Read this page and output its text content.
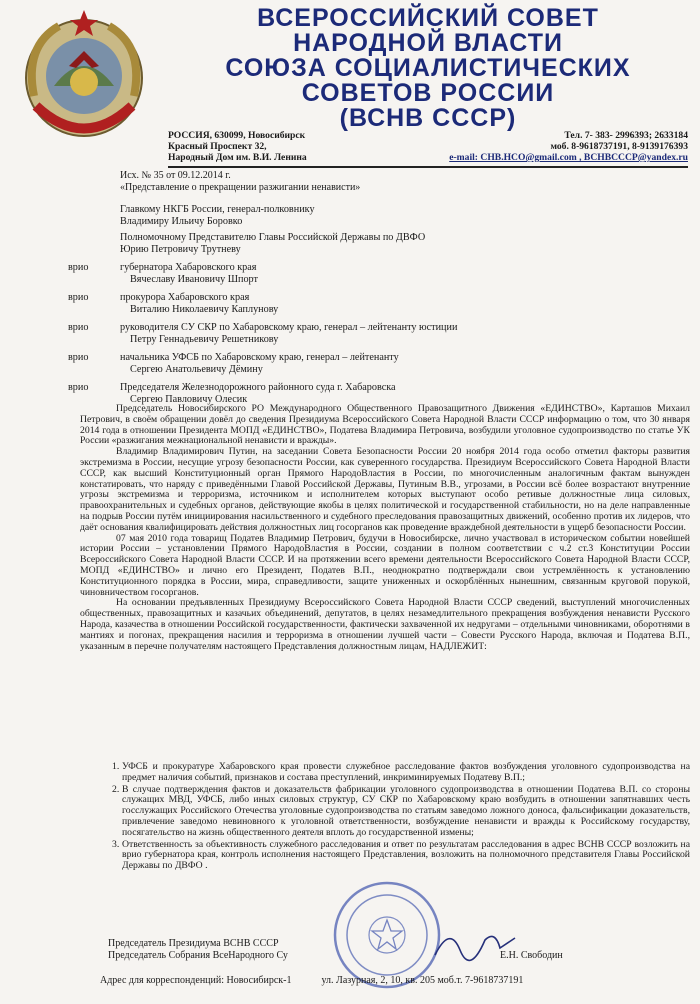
ВСЕРОССИЙСКИЙ СОВЕТ
НАРОДНОЙ ВЛАСТИ
СОЮЗА СОЦИАЛИСТИЧЕСКИХ
СОВЕТОВ РОССИИ
(ВСНВ СССР)
РОССИЯ, 630099, Новосибирск
Красный Проспект 32,
Народный Дом им. В.И. Ленина
Тел. 7- 383- 2996393; 2633184
моб. 8-9618737191, 8-9139176393
e-mail: CHB.HCO@gmail.com , BCHBCCCP@yandex.ru
Исх. № 35 от 09.12.2014 г.
«Представление о прекращении разжигании ненависти»
Главкому НКГБ России, генерал-полковнику
Владимиру Ильичу Боровко
Полномочному Представителю Главы Российской Державы по ДВФО
Юрию Петровичу Трутневу
врио	губернатора Хабаровского края
Вячеславу Ивановичу Шпорт
врио	прокурора Хабаровского края
Виталию Николаевичу Каплунову
врио	руководителя СУ СКР по Хабаровскому краю, генерал – лейтенанту юстиции
Петру Геннадьевичу Решетникову
врио	начальника УФСБ по Хабаровскому краю, генерал – лейтенанту
Сергею Анатольевичу Дёмину
врио	Председателя Железнодорожного районного суда г. Хабаровска
Сергею Павловичу Олесик

Председатель Новосибирского РО Международного Общественного Правозащитного Движения «ЕДИНСТВО», Карташов Михаил Петрович, в своём обращении довёл до сведения Президиума Всероссийского Совета Народной Власти СССР информацию о том, что 30 января 2014 года в отношении Президента МОПД «ЕДИНСТВО», Податева Владимира Петровича, возбудили уголовное судопроизводство по статье УК России «разжигания межнациональной ненависти и вражды».

Владимир Владимирович Путин, на заседании Совета Безопасности России 20 ноября 2014 года особо отметил факторы развития экстремизма в России, несущие угрозу безопасности России, как суверенного государства. Президиум Всероссийского Совета Народной Власти СССР, как высший Конституционный орган Прямого НародоВластия в России, по многочисленным аналогичным фактам вынужден констатировать, что наряду с приведёнными Главой Российской Державы, Путиным В.В., угрозами, в России всё более возрастают внутренние угрозы экстремизма и терроризма, источником и исполнителем которых выступают особо ретивые должностные лица силовых, правоохранительных и судебных органов, действующие якобы в целях политической и государственной стабильности, но на деле направленные на подрыв России путём инициирования насильственного и судебного преследования правозащитных движений, особенно против их лидеров, что даёт основания квалифицировать действия должностных лиц госорганов как проведение враждебной деятельности в ущерб безопасности России.

07 мая 2010 года товарищ Податев Владимир Петрович, будучи в Новосибирске, лично участвовал в историческом событии новейшей истории России – установлении Прямого НародоВластия в России, создании в полном соответствии с ч.2 ст.3 Конституции России Всероссийского Совета Народной Власти СССР. И на протяжении всего времени деятельности Всероссийского Совета Народной Власти СССР, МОПД «ЕДИНСТВО» и лично его Президент, Податев В.П., неоднократно подтверждали свои устремлённость к установлению Конституционного порядка в России, мира, справедливости, защите униженных и оскорблённых нынешним, связанным круговой порукой, чиновничеством госорганов.

На основании предъявленных Президиуму Всероссийского Совета Народной Власти СССР сведений, выступлений многочисленных общественных, правозащитных и казачьих объединений, депутатов, в целях незамедлительного прекращения возбуждения ненависти Русского Народа, казачества в отношении Российской государственности, фактически захваченной их недругами – отдельными чиновниками, оборотнями в мантиях и погонах, прекращения насилия и терроризма в отношении лучшей части – Совести Русского Народа, включая и Податева В.П., указанным в перечне получателям настоящего Представления должностным лицам, НАДЛЕЖИТ:

1. УФСБ и прокуратуре Хабаровского края провести служебное расследование фактов возбуждения уголовного судопроизводства на предмет наличия событий, признаков и состава преступлений, инкриминируемых Податеву В.П.;
2. В случае подтверждения фактов и доказательств фабрикации уголовного судопроизводства в отношении Податева В.П. со стороны служащих МВД, УФСБ, либо иных силовых структур, СУ СКР по Хабаровскому краю возбудить в отношении запятнавших честь госслужащих Российского Отечества уголовные судопроизводства по статьям заведомо ложного доноса, фальсификации доказательств, привлечение заведомо невиновного к уголовной ответственности, возбуждение ненависти и вражды к Российскому государству, посягательство на жизнь общественного деятеля вплоть до государственной измены;
3. Ответственность за объективность служебного расследования и ответ по результатам расследования в адрес ВСНВ СССР возложить на врио губернатора края, контроль исполнения настоящего Представления, возложить на полномочного представителя Главы Российской Державы по ДВФО .
Председатель Президиума ВСНВ СССР
Председатель Собрания ВсеНародного Су	Е.Н. Свободин
Адрес для корреспонденций: Новосибирск-1	ул. Лазурная, 2, 10, кв. 205 моб.т. 7-9618737191
